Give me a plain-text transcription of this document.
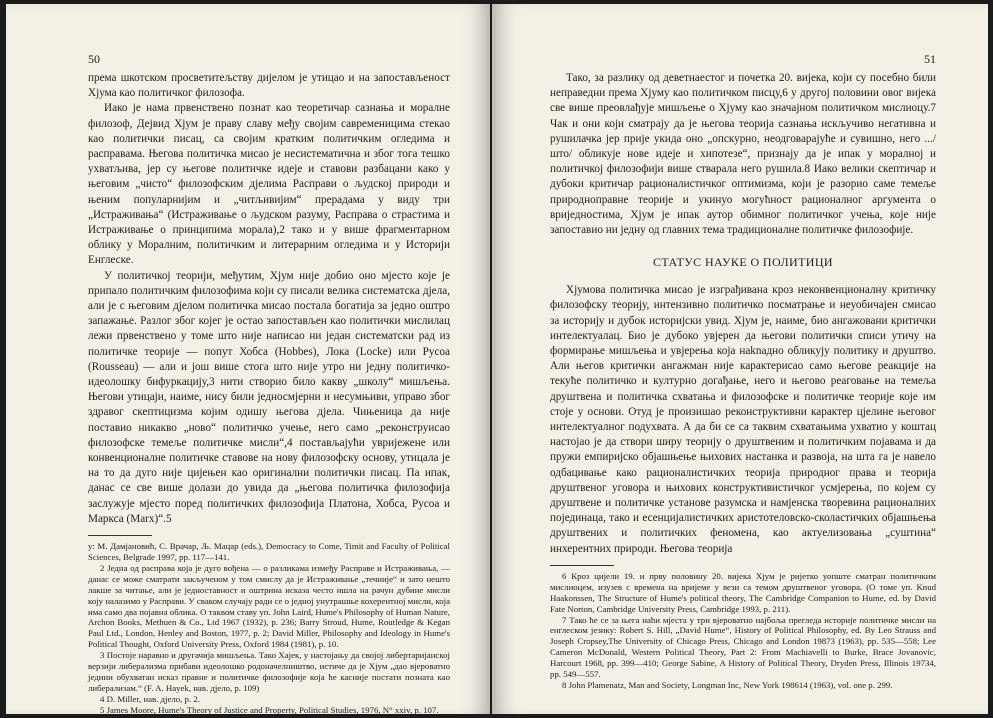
50

према шкотском просветитељству дијелом је утицао и на запостављеност Хјума као политичког филозофа.

Иако је нама првенствено познат као теоретичар сазнања и моралне филозоф, Дејвид Хјум је праву славу међу својим савременицима стекао као политички писац, са својим кратким политичким огледима и расправама. Његова политичка мисао је несистематична и због тога тешко ухватљива, јер су његове политичке идеје и ставови разбацани како у његовим „чисто“ филозофским дјелима Расправи о људској природи и њеним популарнијим и „читљивијим“ прерадама у виду три „Истраживања“ (Истраживање о људском разуму, Расправа о страстима и Истраживање о принципима морала),2 тако и у више фрагментарном облику у Моралним, политичким и литерарним огледима и у Историји Енглеске.

У политичкој теорији, међутим, Хјум није добио оно мјесто које је припало политичким филозофима који су писали велика систематска дјела, али је с његовим дјелом политичка мисао постала богатија за једно оштро запажање. Разлог због којег је остао запостављен као политички мислилац лежи првенствено у томе што није написао ни један систематски рад из политичке теорије — попут Хобса (Hobbes), Лока (Locke) или Русоа (Rousseau) — али и још више стога што није утро ни једну политичко-идеолошку бифуркацију,3 нити створио било какву „школу“ мишљења. Његови утицаји, наиме, нису били једносмјерни и несумњиви, управо због здравог скептицизма којим одишу његова дјела. Чињеница да није поставио никакво „ново“ политичко учење, него само „реконструисао филозофске темеље политичке мисли“,4 постављајући увријежене или конвенционалне политичке ставове на нову филозофску основу, утицала је на то да дуго није цијењен као оригинални политички писац. Па ипак, данас се све више долази до увида да „његова политичка филозофија заслужује мјесто поред политичких филозофија Платона, Хобса, Русоа и Маркса (Marx)“.5

у: М. Дамјановић, С. Врачар, Љ. Мацар (eds.), Democracy to Come, Timit and Faculty of Political Sciences, Belgrade 1997, pp. 117—141.

2 Једна од расправа која је дуго вођена — о разликама између Расправе и Истраживања, — данас се може сматрати закљученом у том смислу да је Истраживање „течније“ и зато нешто лакше за читање, али је једноставност и оштрина исказа често ишла на рачун дубине мисли коју налазимо у Расправи. У сваком случају ради се о једној унутрашње кохерентној мисли, која има само два појавна облика. О таквом ставу уп. John Laird, Hume's Philosophy of Human Nature, Archon Books, Methuen & Co., Ltd 1967 (1932), p. 236; Barry Stroud, Hume, Routledge & Kegan Paul Ltd., London, Henley and Boston, 1977, p. 2; David Miller, Philosophy and Ideology in Hume's Political Thought, Oxford University Press, Oxford 1984 (1981), p. 10.

3 Постоје наравно и другачија мишљења. Тако Хајек, у настојању да својој либертаријанској верзији либерализма прибави идеолошко родоначелништво, истиче да је Хјум „дао вјероватно једини обухватан исказ правне и политичке филозофије која ће касније постати позната као либерализам.“ (F. A. Hayek, нав. дјело, p. 109)

4 D. Miller, нав. дјело, p. 2.

5 James Moore, Hume's Theory of Justice and Property, Political Studies, 1976, N° xxiv, p. 107.

51

Тако, за разлику од деветнаестог и почетка 20. вијека, који су посебно били неправедни према Хјуму као политичком писцу,6 у другој половини овог вијека све више преовлађује мишљење о Хјуму као значајном политичком мислиоцу.7 Чак и они који сматрају да је његова теорија сазнања искључиво негативна и рушилачка јер прије укида оно „опскурно, неодговарајуће и сувишно, него .../што/ обликује нове идеје и хипотезе“, признају да је ипак у моралној и политичкој филозофији више стварала него рушила.8 Иако велики скептичар и дубоки критичар рационалистичког оптимизма, који је разорио саме темеље природноправне теорије и укинуо могућност рационалног аргумента о вриједностима, Хјум је ипак аутор обимног политичког учења, које није запоставио ни једну од главних тема традиционалне политичке филозофије.

СТАТУС НАУКЕ О ПОЛИТИЦИ

Хјумова политичка мисао је изграђивана кроз неконвенционалну критичку филозофску теорију, интензивно политичко посматрање и неуобичајен смисао за историју и дубок историјски увид. Хјум је, наиме, био ангажовани критички интелектуалац. Био је дубоко увјерен да његови политички списи утичу на формирање мишљења и увјерења која наknадно обликују политику и друштво. Али његов критички ангажман није карактерисао само његове реакције на текуће политичко и културно догађање, него и његово реаговање на темеља друштвена и политичка схватања и филозофске и политичке теорије које им стоје у основи. Отуд је произишао реконструктивни карактер цјелине његовог интелектуалног подухвата. А да би се са таквим схватањима ухватио у коштац настојао је да створи ширу теорију о друштвеним и политичким појавама и да пружи емпиријско објашњење њихових настанка и развоја, на шта га је навело одбацивање како рационалистичких теорија природног права и теорија друштвеног уговора и њихових конструктивистичког усмјерења, по којем су друштвене и политичке установе разумска и намјенска творевина рационалних појединаца, тако и есенцијалистичких аристотеловско-сколастичких објашњења друштвених и политичких феномена, као актуелизовања „суштина“ инхерентних природи. Његова теорија

6 Кроз цијели 19. и прву половину 20. вијека Хјум је ријетко уопште сматран политичким мислиоцем, изузев с времена на вријеме у вези са темом друштвеног уговора. (О томе уп. Knud Haakonssen, The Structure of Hume's political theory, The Cambridge Companion to Hume, ed. by David Fate Norton, Cambridge University Press, Cambridge 1993, p. 211).

7 Тако ће се за њега наћи мјеста у три вјероватно најбоља прегледа историје политичке мисли на енглеском језику: Robert S. Hill, „David Hume“, History of Political Philosophy, ed. By Leo Strauss and Joseph Cropsey,The University of Chicago Press, Chicago and London 19873 (1963), pp. 535—558; Lee Cameron McDonald, Western Political Theory, Part 2: From Machiavelli to Burke, Brace Jovanovic, Harcourt 1968, pp. 399—410; George Sabine, A History of Political Theory, Dryden Press, Illinois 19734, pp. 549—557.

8 John Plamenatz, Man and Society, Longman Inc, New York 198614 (1963), vol. one p. 299.
